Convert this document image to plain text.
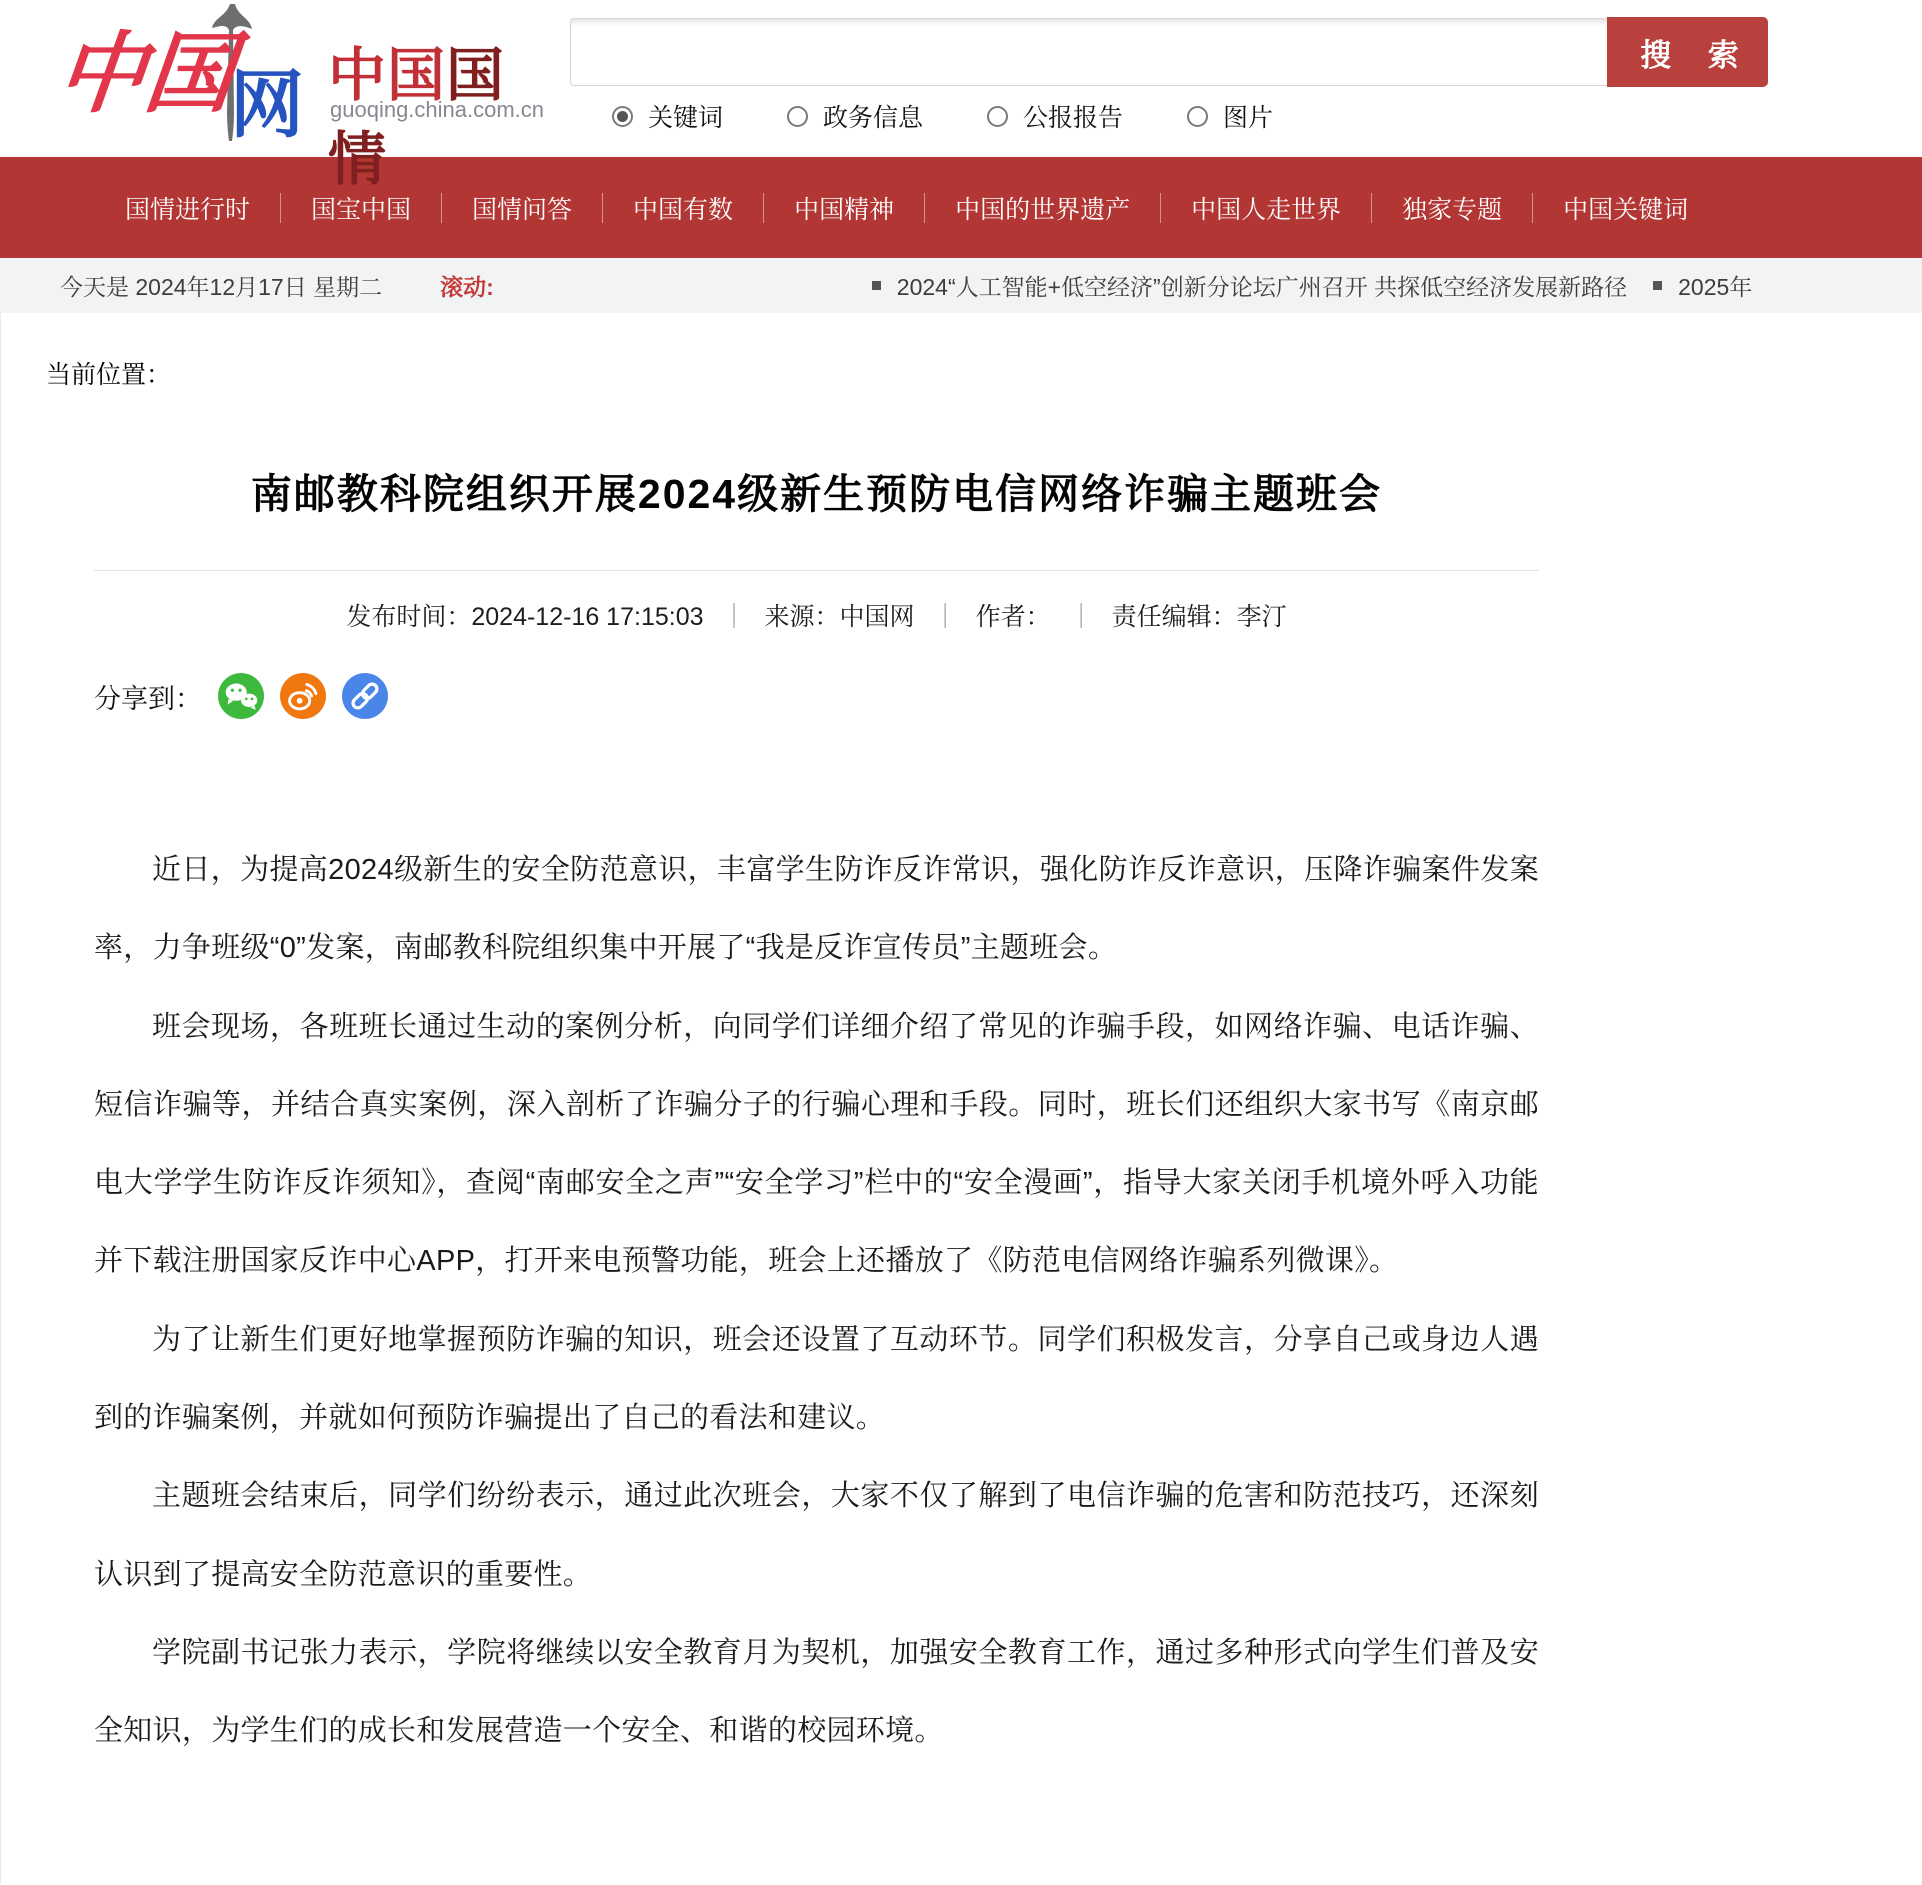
中国
网 中国国情
guoqing.china.com.cn
搜 索
关键词	政务信息	公报报告	图片
国情进行时	国宝中国	国情问答	中国有数	中国精神	中国的世界遗产	中国人走世界	独家专题	中国关键词
今天是 2024年12月17日 星期二	滚动:	2024“人工智能+低空经济”创新分论坛广州召开 共探低空经济发展新路径 2025年
当前位置：
南邮教科院组织开展2024级新生预防电信网络诈骗主题班会
发布时间：2024-12-16 17:15:03 ｜ 来源：中国网 ｜ 作者： ｜ 责任编辑：李汀
分享到：

近日，为提高2024级新生的安全防范意识，丰富学生防诈反诈常识，强化防诈反诈意识，压降诈骗案件发案率，力争班级“0”发案，南邮教科院组织集中开展了“我是反诈宣传员”主题班会。

班会现场，各班班长通过生动的案例分析，向同学们详细介绍了常见的诈骗手段，如网络诈骗、电话诈骗、短信诈骗等，并结合真实案例，深入剖析了诈骗分子的行骗心理和手段。同时，班长们还组织大家书写《南京邮电大学学生防诈反诈须知》，查阅“南邮安全之声”“安全学习”栏中的“安全漫画”，指导大家关闭手机境外呼入功能并下载注册国家反诈中心APP，打开来电预警功能，班会上还播放了《防范电信网络诈骗系列微课》。

为了让新生们更好地掌握预防诈骗的知识，班会还设置了互动环节。同学们积极发言，分享自己或身边人遇到的诈骗案例，并就如何预防诈骗提出了自己的看法和建议。

主题班会结束后，同学们纷纷表示，通过此次班会，大家不仅了解到了电信诈骗的危害和防范技巧，还深刻认识到了提高安全防范意识的重要性。

学院副书记张力表示，学院将继续以安全教育月为契机，加强安全教育工作，通过多种形式向学生们普及安全知识，为学生们的成长和发展营造一个安全、和谐的校园环境。
